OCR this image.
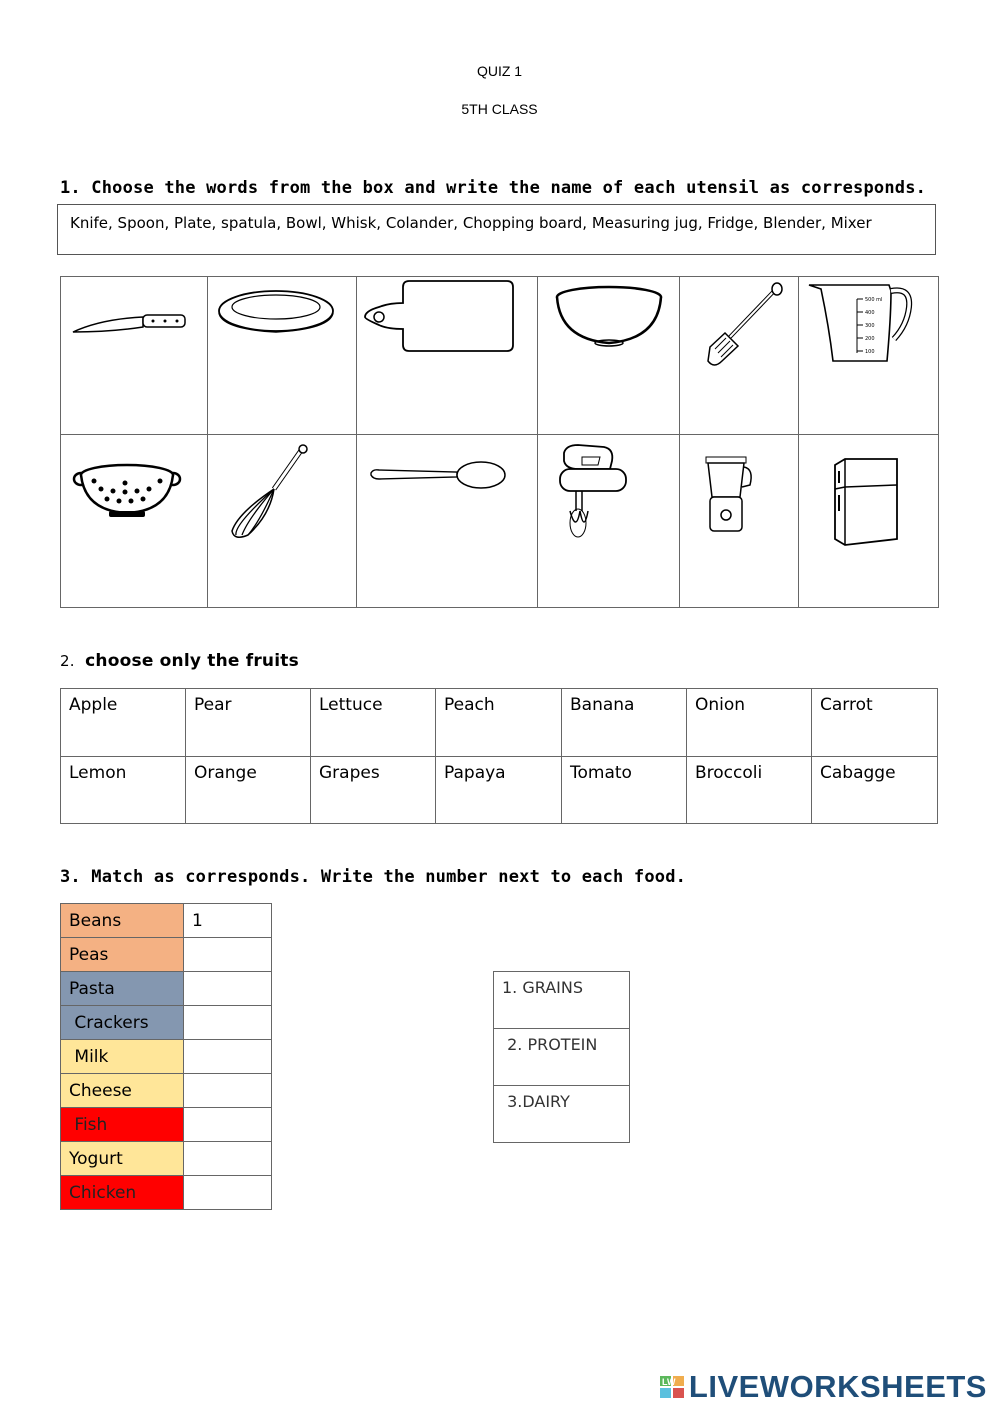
QUIZ 1
5TH CLASS
1. Choose the words from the box and write the name of each utensil as corresponds.
Knife, Spoon, Plate, spatula, Bowl, Whisk, Colander, Chopping board, Measuring jug, Fridge, Blender, Mixer

500 ml
400
300
200
100

2. choose only the fruits
Apple	Pear	Lettuce	Peach	Banana	Onion	Carrot
Lemon	Orange	Grapes	Papaya	Tomato	Broccoli	Cabagge
3. Match as corresponds. Write the number next to each food.
Beans	1
Peas	
Pasta	
Crackers	
Milk	
Cheese	
Fish	
Yogurt	
Chicken	
1. GRAINS
2. PROTEIN
3.DAIRY
LW LIVEWORKSHEETS
